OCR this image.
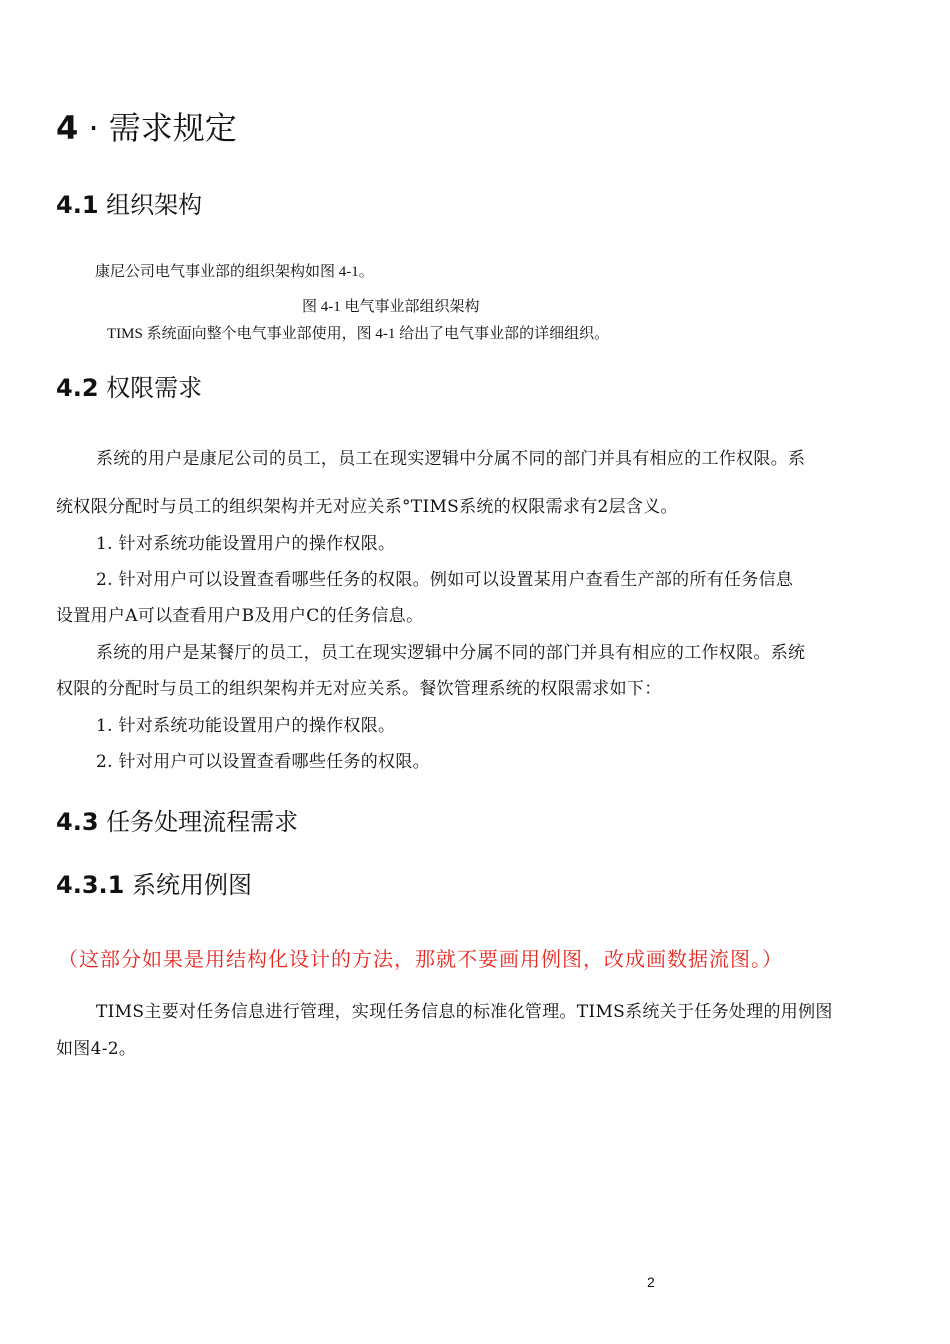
4 · 需求规定
4.1 组织架构
康尼公司电气事业部的组织架构如图 4-1。
图 4-1 电气事业部组织架构
TIMS 系统面向整个电气事业部使用，图 4-1 给出了电气事业部的详细组织。
4.2 权限需求
系统的用户是康尼公司的员工，员工在现实逻辑中分属不同的部门并具有相应的工作权限。系
统权限分配时与员工的组织架构并无对应关系°TIMS系统的权限需求有2层含义。
1. 针对系统功能设置用户的操作权限。
2. 针对用户可以设置查看哪些任务的权限。例如可以设置某用户查看生产部的所有任务信息
设置用户A可以查看用户B及用户C的任务信息。
系统的用户是某餐厅的员工，员工在现实逻辑中分属不同的部门并具有相应的工作权限。系统
权限的分配时与员工的组织架构并无对应关系。餐饮管理系统的权限需求如下：
1. 针对系统功能设置用户的操作权限。
2. 针对用户可以设置查看哪些任务的权限。
4.3 任务处理流程需求
4.3.1 系统用例图
（这部分如果是用结构化设计的方法，那就不要画用例图，改成画数据流图。）
TIMS主要对任务信息进行管理，实现任务信息的标准化管理。TIMS系统关于任务处理的用例图
如图4-2。
2
